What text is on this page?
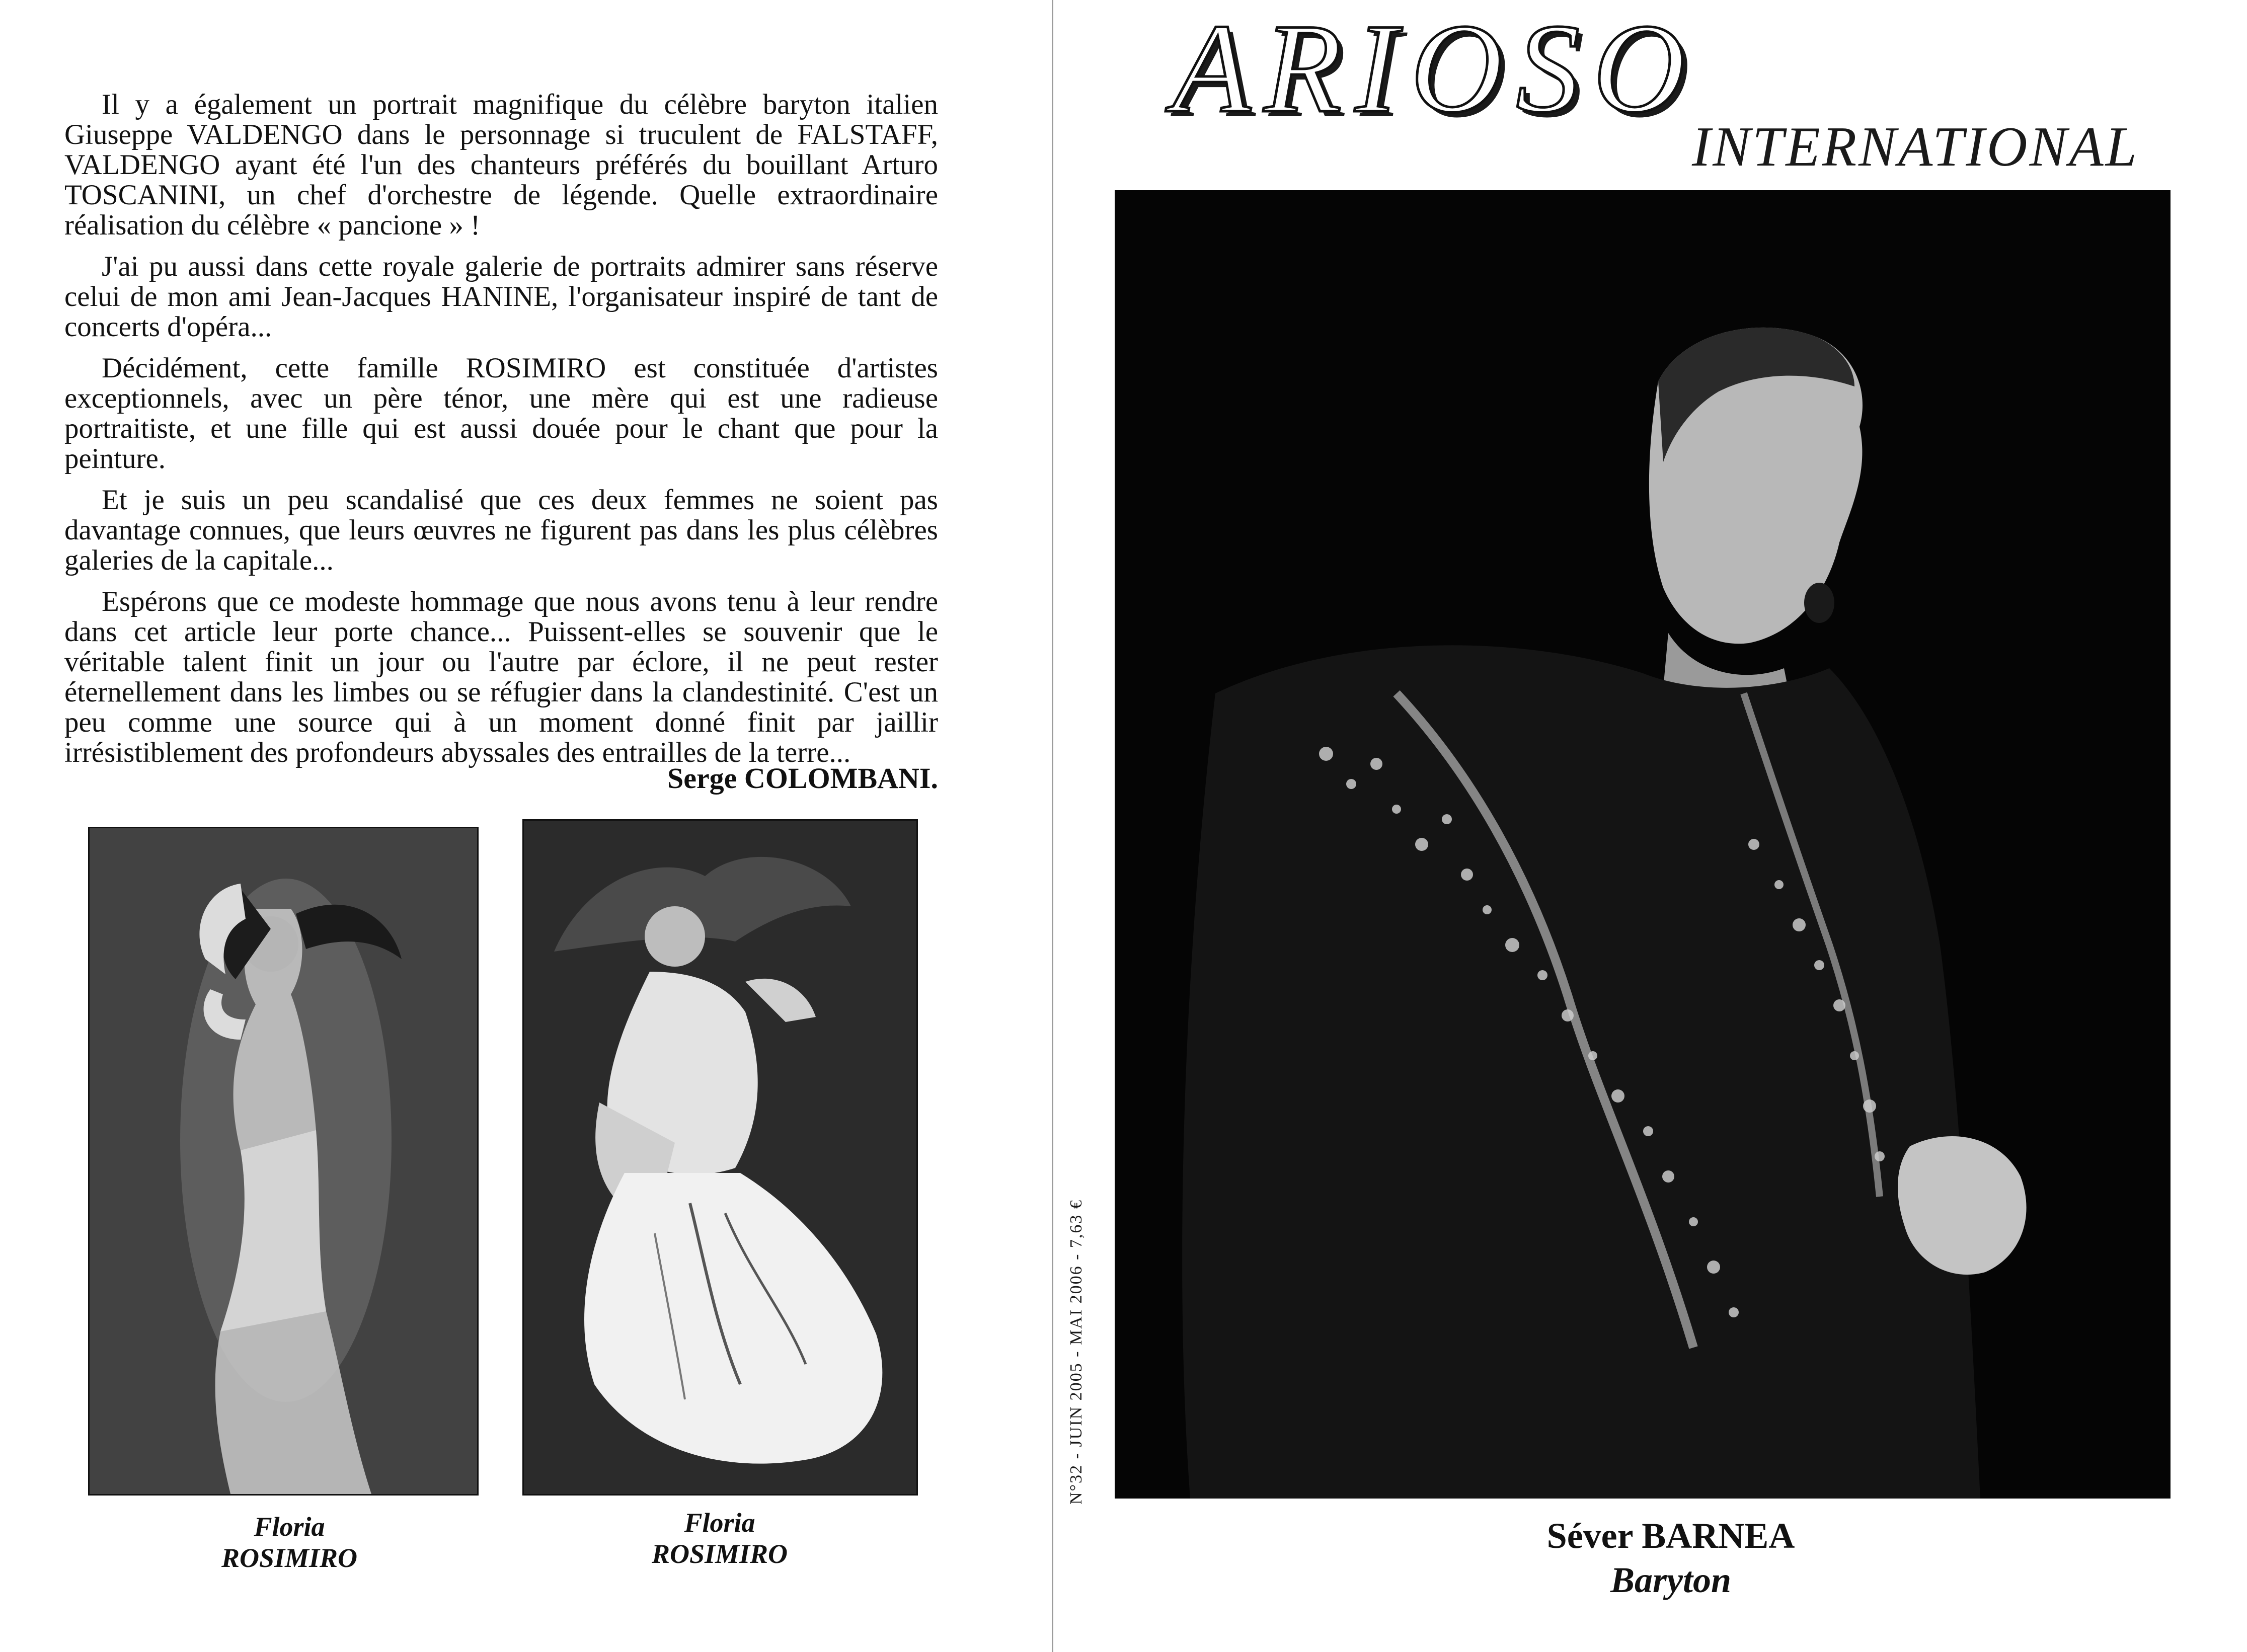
Il y a également un portrait magnifique du célèbre baryton italien Giuseppe VALDENGO dans le personnage si truculent de FALSTAFF, VALDENGO ayant été l'un des chanteurs préférés du bouillant Arturo TOSCANINI, un chef d'orchestre de légende. Quelle extraordinaire réalisation du célèbre « pancione » !

J'ai pu aussi dans cette royale galerie de portraits admirer sans réserve celui de mon ami Jean-Jacques HANINE, l'organisateur inspiré de tant de concerts d'opéra...

Décidément, cette famille ROSIMIRO est constituée d'artistes exceptionnels, avec un père ténor, une mère qui est une radieuse portraitiste, et une fille qui est aussi douée pour le chant que pour la peinture.

Et je suis un peu scandalisé que ces deux femmes ne soient pas davantage connues, que leurs œuvres ne figurent pas dans les plus célèbres galeries de la capitale...

Espérons que ce modeste hommage que nous avons tenu à leur rendre dans cet article leur porte chance... Puissent-elles se souvenir que le véritable talent finit un jour ou l'autre par éclore, il ne peut rester éternellement dans les limbes ou se réfugier dans la clandestinité. C'est un peu comme une source qui à un moment donné finit par jaillir irrésistiblement des profondeurs abyssales des entrailles de la terre...

Serge COLOMBANI.
Floria
ROSIMIRO
Floria
ROSIMIRO
ARIOSO
INTERNATIONAL
N°32 - JUIN 2005 - MAI 2006 - 7,63 €
Séver BARNEA
Baryton
